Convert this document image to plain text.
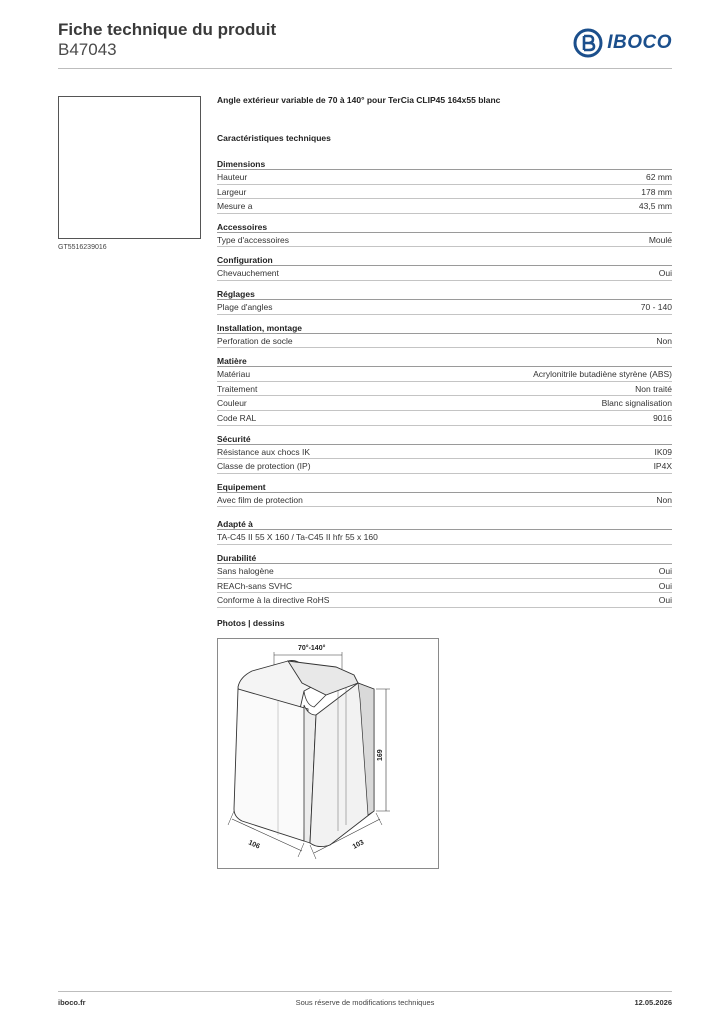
Fiche technique du produit
B47043	IBOCO
GT5516239016
Angle extérieur variable de 70 à 140° pour TerCia CLIP45 164x55 blanc
Caractéristiques techniques
Dimensions
Hauteur	62 mm
Largeur	178 mm
Mesure a	43,5 mm
Accessoires
Type d'accessoires	Moulé
Configuration
Chevauchement	Oui
Réglages
Plage d'angles	70 - 140
Installation, montage
Perforation de socle	Non
Matière
Matériau	Acrylonitrile butadiène styrène (ABS)
Traitement	Non traité
Couleur	Blanc signalisation
Code RAL	9016
Sécurité
Résistance aux chocs IK	IK09
Classe de protection (IP)	IP4X
Equipement
Avec film de protection	Non
Adapté à
TA-C45 II 55 X 160 / Ta-C45 II hfr 55 x 160
Durabilité
Sans halogène	Oui
REACh-sans SVHC	Oui
Conforme à la directive RoHS	Oui
Photos | dessins
70°-140°
169
106	103
iboco.fr	Sous réserve de modifications techniques	12.05.2026
